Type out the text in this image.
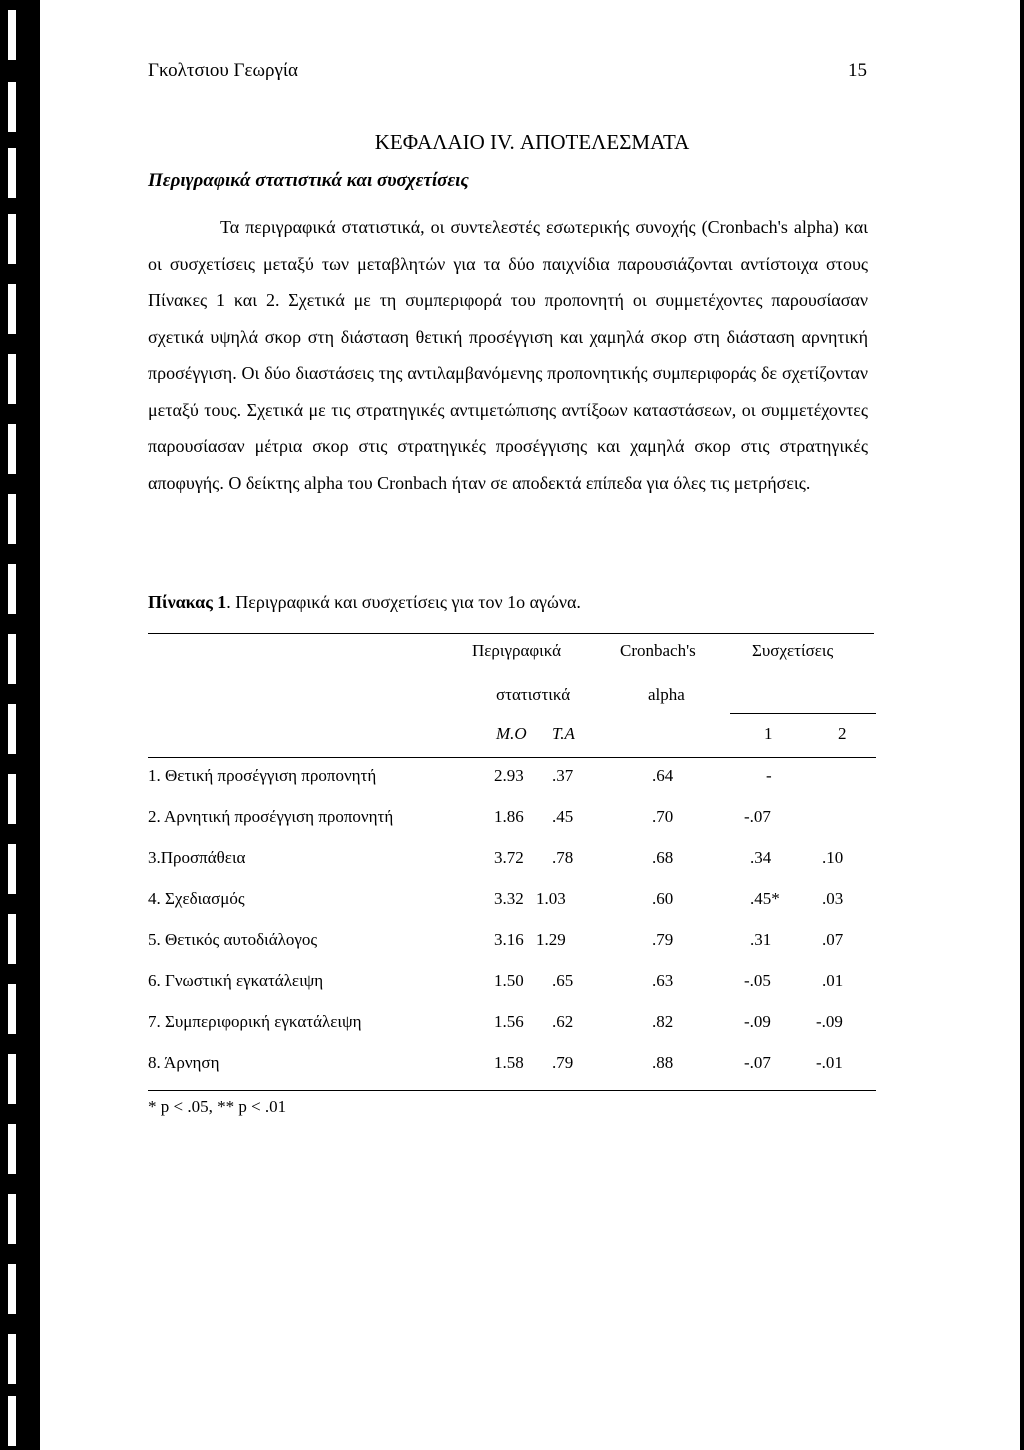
Γκολτσιου Γεωργία	15
ΚΕΦΑΛΑΙΟ IV. ΑΠΟΤΕΛΕΣΜΑΤΑ
Περιγραφικά στατιστικά και συσχετίσεις

Τα περιγραφικά στατιστικά, οι συντελεστές εσωτερικής συνοχής (Cronbach's alpha) και οι συσχετίσεις μεταξύ των μεταβλητών για τα δύο παιχνίδια παρουσιάζονται αντίστοιχα στους Πίνακες 1 και 2. Σχετικά με τη συμπεριφορά του προπονητή οι συμμετέχοντες παρουσίασαν σχετικά υψηλά σκορ στη διάσταση θετική προσέγγιση και χαμηλά σκορ στη διάσταση αρνητική προσέγγιση. Οι δύο διαστάσεις της αντιλαμβανόμενης προπονητικής συμπεριφοράς δε σχετίζονταν μεταξύ τους. Σχετικά με τις στρατηγικές αντιμετώπισης αντίξοων καταστάσεων, οι συμμετέχοντες παρουσίασαν μέτρια σκορ στις στρατηγικές προσέγγισης και χαμηλά σκορ στις στρατηγικές αποφυγής. Ο δείκτης alpha του Cronbach ήταν σε αποδεκτά επίπεδα για όλες τις μετρήσεις.

Πίνακας 1. Περιγραφικά και συσχετίσεις για τον 1ο αγώνα.
Περιγραφικά
στατιστικά
Cronbach's
alpha
Συσχετίσεις
Μ.Ο Τ.Α	1	2
1. Θετική προσέγγιση προπονητή	2.93 .37	.64	-
2. Αρνητική προσέγγιση προπονητή	1.86 .45	.70	-.07
3.Προσπάθεια	3.72 .78	.68	.34	.10
4. Σχεδιασμός	3.32 1.03	.60	.45* .03
5. Θετικός αυτοδιάλογος	3.16 1.29	.79	.31	.07
6. Γνωστική εγκατάλειψη	1.50 .65	.63	-.05	.01
7. Συμπεριφορική εγκατάλειψη	1.56 .62	.82	-.09	-.09
8. Άρνηση	1.58 .79	.88	-.07	-.01
* p < .05, ** p < .01
